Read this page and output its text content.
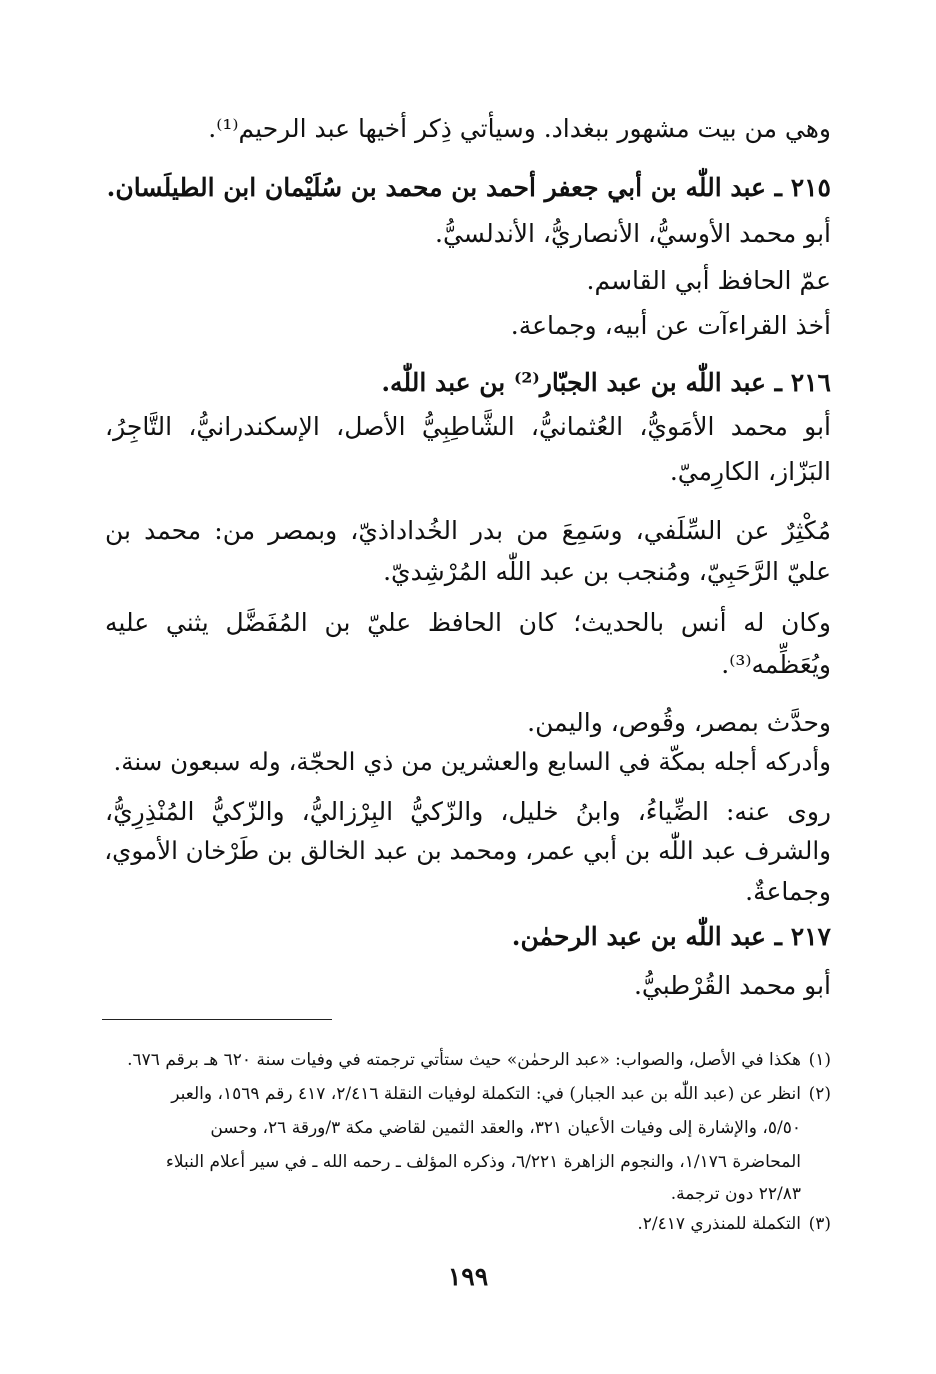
وهي من بيت مشهور ببغداد. وسيأتي ذِكر أخيها عبد الرحيم⁽¹⁾.
٢١٥ ـ عبد اللّٰه بن أبي جعفر أحمد بن محمد بن سُلَيْمان ابن الطيلَسان.
أبو محمد الأوسيُّ، الأنصاريُّ، الأندلسيُّ.
عمّ الحافظ أبي القاسم.
أخذ القراءآت عن أبيه، وجماعة.
٢١٦ ـ عبد اللّٰه بن عبد الجبّار⁽²⁾ بن عبد اللّٰه.
أبو محمد الأمَويُّ، العُثمانيُّ، الشَّاطِبِيُّ الأصل، الإسكندرانيُّ، التَّاجِرُ،
البَزّاز، الكارِميّ.
مُكْثِرٌ عن السِّلَفي، وسَمِعَ من بدر الخُداداذيّ، وبمصر من: محمد بن
عليّ الرَّحَبِيّ، ومُنجب بن عبد اللّٰه المُرْشِديّ.
وكان له أنس بالحديث؛ كان الحافظ عليّ بن المُفَضَّل يثني عليه
ويُعَظِّمه⁽³⁾.
وحدَّث بمصر، وقُوص، واليمن.
وأدركه أجله بمكّة في السابع والعشرين من ذي الحجّة، وله سبعون سنة.
روى عنه: الضِّياءُ، وابنُ خليل، والزّكيُّ البِرْزاليُّ، والزّكيُّ المُنْذِرِيُّ،
والشرف عبد اللّٰه بن أبي عمر، ومحمد بن عبد الخالق بن طَرْخان الأموي،
وجماعةٌ.
٢١٧ ـ عبد اللّٰه بن عبد الرحمٰن.
أبو محمد القُرْطبيُّ.
(١)هكذا في الأصل، والصواب: «عبد الرحمٰن» حيث ستأتي ترجمته في وفيات سنة ٦٢٠ هـ برقم ٦٧٦.
(٢)انظر عن (عبد اللّٰه بن عبد الجبار) في: التكملة لوفيات النقلة ٢/٤١٦، ٤١٧ رقم ١٥٦٩، والعبر
٥/٥٠، والإشارة إلى وفيات الأعيان ٣٢١، والعقد الثمين لقاضي مكة ٣/ورقة ٢٦، وحسن
المحاضرة ١/١٧٦، والنجوم الزاهرة ٦/٢٢١، وذكره المؤلف ـ رحمه الله ـ في سير أعلام النبلاء
٢٢/٨٣ دون ترجمة.
(٣)التكملة للمنذري ٢/٤١٧.
١٩٩
